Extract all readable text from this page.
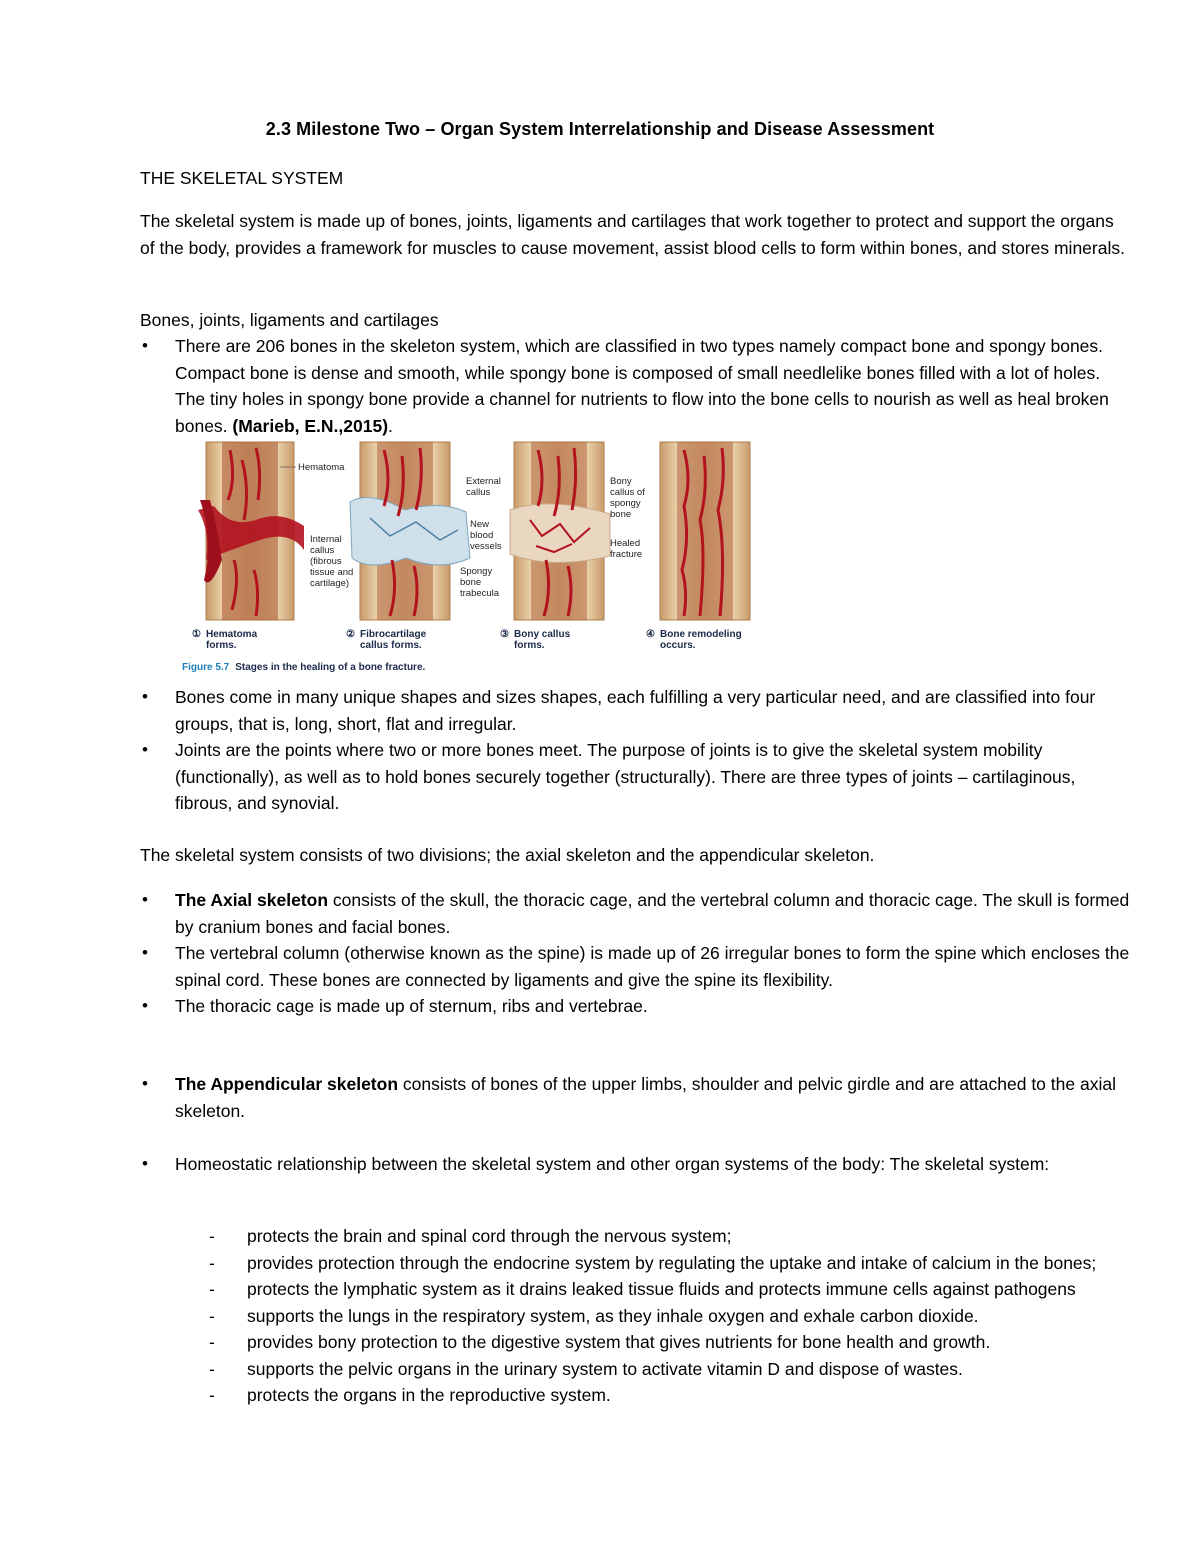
2.3 Milestone Two – Organ System Interrelationship and Disease Assessment
THE SKELETAL SYSTEM
The skeletal system is made up of bones, joints, ligaments and cartilages that work together to protect and support the organs of the body, provides a framework for muscles to cause movement, assist blood cells to form within bones, and stores minerals.
Bones, joints, ligaments and cartilages
• There are 206 bones in the skeleton system, which are classified in two types namely compact bone and spongy bones. Compact bone is dense and smooth, while spongy bone is composed of small needlelike bones filled with a lot of holes. The tiny holes in spongy bone provide a channel for nutrients to flow into the bone cells to nourish as well as heal broken bones. (Marieb, E.N.,2015).
Hematoma
Internal
callus
(fibrous
tissue and
cartilage)
External
callus
New
blood
vessels
Spongy
bone
trabecula
Bony
callus of
spongy
bone
Healed
fracture
Hematoma
forms.
Fibrocartilage
callus forms.
Bony callus
forms.
Bone remodeling
occurs.
①	②	③	④
Figure 5.7 Stages in the healing of a bone fracture.
• Bones come in many unique shapes and sizes shapes, each fulfilling a very particular need, and are classified into four groups, that is, long, short, flat and irregular.
• Joints are the points where two or more bones meet. The purpose of joints is to give the skeletal system mobility (functionally), as well as to hold bones securely together (structurally). There are three types of joints – cartilaginous, fibrous, and synovial.
The skeletal system consists of two divisions; the axial skeleton and the appendicular skeleton.
• The Axial skeleton consists of the skull, the thoracic cage, and the vertebral column and thoracic cage. The skull is formed by cranium bones and facial bones.
• The vertebral column (otherwise known as the spine) is made up of 26 irregular bones to form the spine which encloses the spinal cord. These bones are connected by ligaments and give the spine its flexibility.
• The thoracic cage is made up of sternum, ribs and vertebrae.
• The Appendicular skeleton consists of bones of the upper limbs, shoulder and pelvic girdle and are attached to the axial skeleton.
• Homeostatic relationship between the skeletal system and other organ systems of the body: The skeletal system:
- protects the brain and spinal cord through the nervous system;
- provides protection through the endocrine system by regulating the uptake and intake of calcium in the bones;
- protects the lymphatic system as it drains leaked tissue fluids and protects immune cells against pathogens
- supports the lungs in the respiratory system, as they inhale oxygen and exhale carbon dioxide.
- provides bony protection to the digestive system that gives nutrients for bone health and growth.
- supports the pelvic organs in the urinary system to activate vitamin D and dispose of wastes.
- protects the organs in the reproductive system.
